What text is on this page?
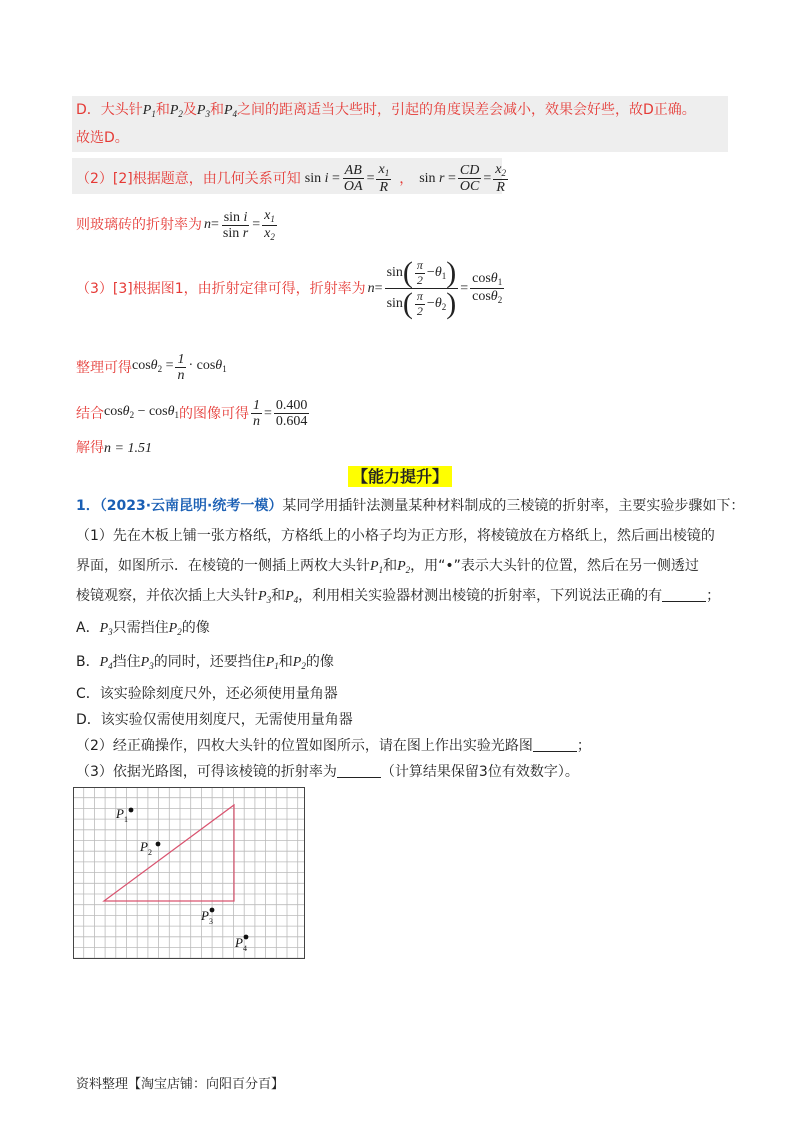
D．大头针$P_1$和$P_2$及$P_3$和$P_4$之间的距离适当大些时，引起的角度误差会减小，效果会好些，故D正确。
故选D。
（2）[2]根据题意，由几何关系可知 $\sin i = \frac{AB}{OA} = \frac{x_1}{R}$ ， $\sin r = \frac{CD}{OC} = \frac{x_2}{R}$
则玻璃砖的折射率为 $n = \frac{\text{sin i}}{\text{sin r}} = \frac{x_1}{x_2}$
（3）[3]根据图1，由折射定律可得，折射率为 $n = \frac{\sin( \frac{\pi}{2} -\theta_1)}{\sin( \frac{\pi}{2} -\theta_2)} = \frac{\cos\theta_1}{\cos\theta_2}$
整理可得 $\cos\theta_2 = \frac{1}{n} \cdot \cos\theta_1$
结合 cosθ$_2$ − cosθ$_1$ 的图像可得 $\frac{1}{n} = \frac{0.400}{0.604}$
解得n = 1.51
【能力提升】
1．（2023·云南昆明·统考一模）某同学用插针法测量某种材料制成的三棱镜的折射率，主要实验步骤如下：
（1）先在木板上铺一张方格纸，方格纸上的小格子均为正方形，将棱镜放在方格纸上，然后画出棱镜的
界面，如图所示．在棱镜的一侧插上两枚大头针$P_1$和$P_2$，用“•”表示大头针的位置，然后在另一侧透过
棱镜观察，并依次插上大头针$P_3$和$P_4$，利用相关实验器材测出棱镜的折射率，下列说法正确的有	；
A．$P_3$只需挡住$P_2$的像
B．$P_4$挡住$P_3$的同时，还要挡住$P_1$和$P_2$的像
C．该实验除刻度尺外，还必须使用量角器
D．该实验仅需使用刻度尺，无需使用量角器
（2）经正确操作，四枚大头针的位置如图所示，请在图上作出实验光路图	；
（3）依据光路图，可得该棱镜的折射率为	（计算结果保留3位有效数字）。
P 1
P 2
P 3
P 4
资料整理【淘宝店铺：向阳百分百】
